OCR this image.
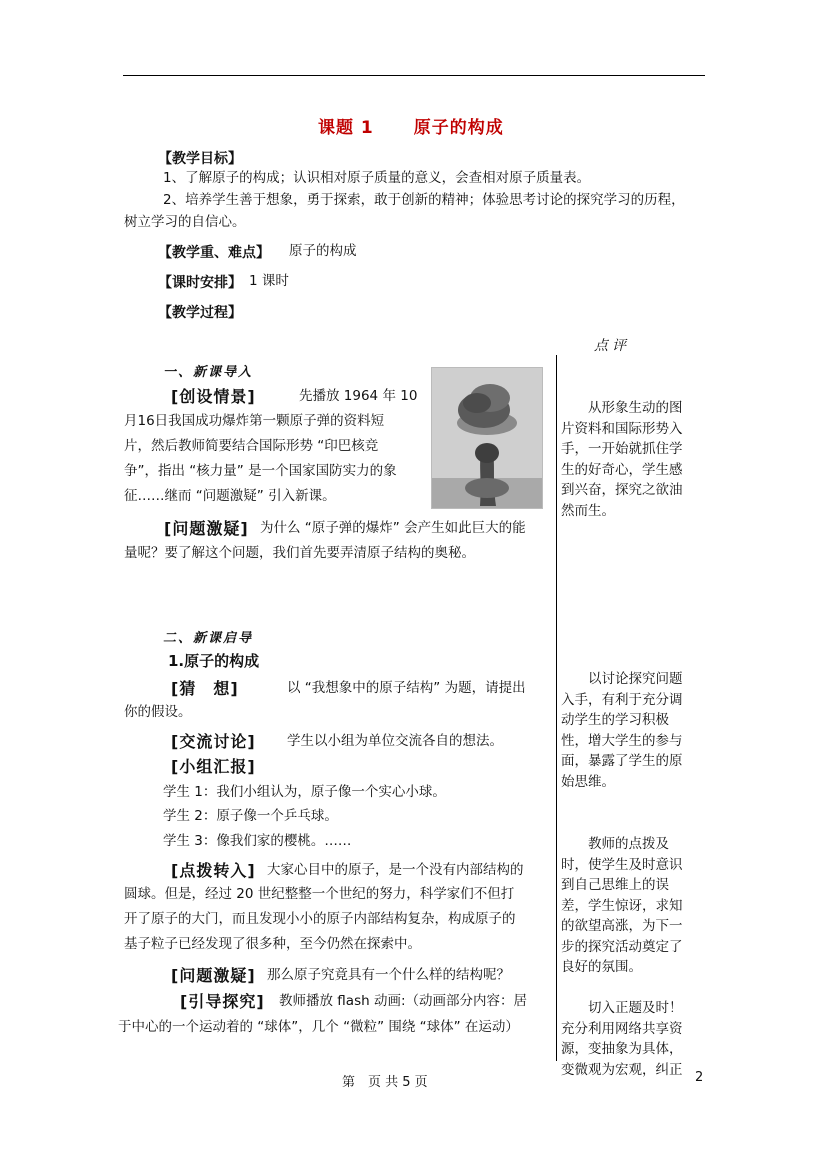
课题 1 原子的构成
【教学目标】
1、了解原子的构成；认识相对原子质量的意义，会查相对原子质量表。
2、培养学生善于想象，勇于探索，敢于创新的精神；体验思考讨论的探究学习的历程，
树立学习的自信心。
【教学重、难点】 原子的构成
【课时安排】 1 课时
【教学过程】
点评
一、新课导入
[创设情景]	先播放 1964 年 10
月16日我国成功爆炸第一颗原子弹的资料短
片，然后教师简要结合国际形势 “印巴核竞
争”，指出 “核力量” 是一个国家国防实力的象
征……继而 “问题激疑” 引入新课。
[问题激疑] 为什么 “原子弹的爆炸” 会产生如此巨大的能
量呢？要了解这个问题，我们首先要弄清原子结构的奥秘。
二、新课启导
1.原子的构成
[猜　想]	以 “我想象中的原子结构” 为题，请提出
你的假设。
[交流讨论] 学生以小组为单位交流各自的想法。
[小组汇报]
学生 1：我们小组认为，原子像一个实心小球。
学生 2：原子像一个乒乓球。
学生 3：像我们家的樱桃。……
[点拨转入] 大家心目中的原子，是一个没有内部结构的
圆球。但是，经过 20 世纪整整一个世纪的努力，科学家们不但打
开了原子的大门，而且发现小小的原子内部结构复杂，构成原子的
基子粒子已经发现了很多种，至今仍然在探索中。
[问题激疑] 那么原子究竟具有一个什么样的结构呢？
[引导探究] 教师播放 flash 动画:（动画部分内容：居
于中心的一个运动着的 “球体”，几个 “微粒” 围绕 “球体” 在运动）
从形象生动的图片资料和国际形势入手，一开始就抓住学生的好奇心，学生感到兴奋，探究之欲油然而生。
以讨论探究问题入手，有利于充分调动学生的学习积极性，增大学生的参与面，暴露了学生的原始思维。
教师的点拨及时，使学生及时意识到自己思维上的误差，学生惊讶，求知的欲望高涨，为下一步的探究活动奠定了良好的氛围。
切入正题及时！充分利用网络共享资源，变抽象为具体，变微观为宏观，纠正
第　页 共 5 页	2
